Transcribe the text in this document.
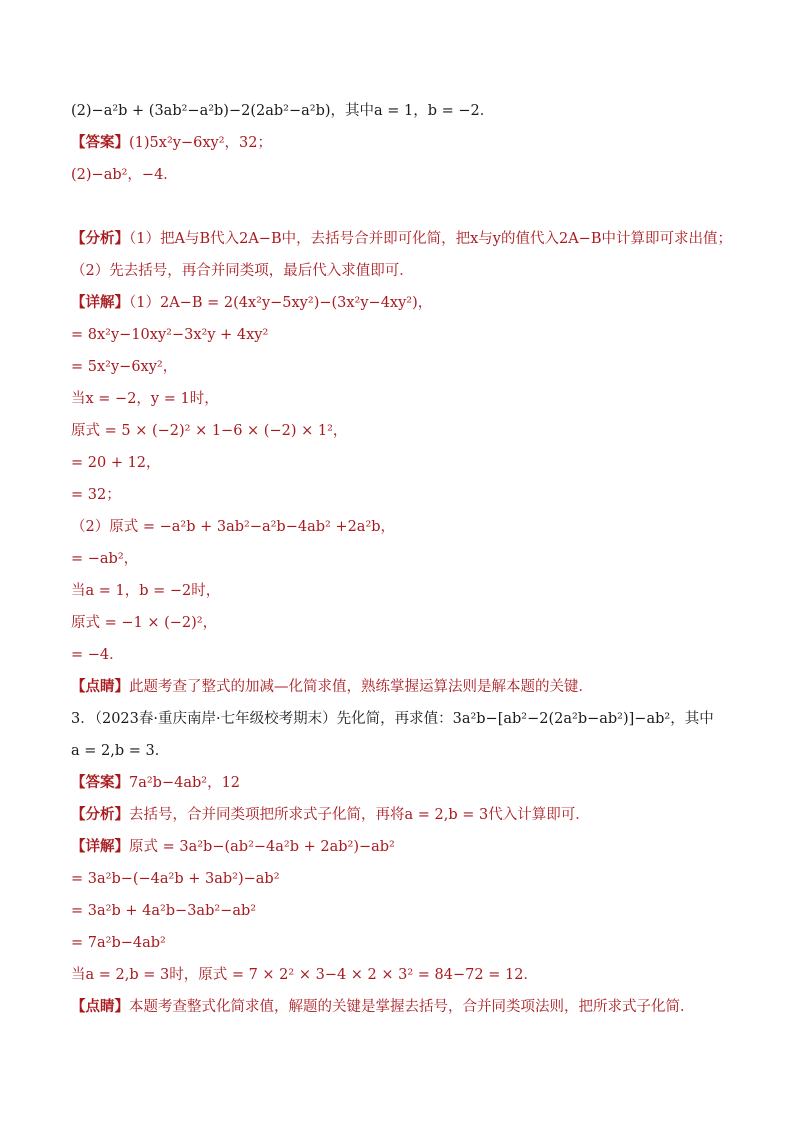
(2)−a²b + (3ab²−a²b)−2(2ab²−a²b)，其中a = 1，b = −2．
【答案】(1)5x²y−6xy²，32；
(2)−ab²，−4．
【分析】（1）把A与B代入2A−B中，去括号合并即可化简，把x与y的值代入2A−B中计算即可求出值；
（2）先去括号，再合并同类项，最后代入求值即可．
【详解】（1）2A−B = 2(4x²y−5xy²)−(3x²y−4xy²)，
= 8x²y−10xy²−3x²y + 4xy²
= 5x²y−6xy²，
当x = −2，y = 1时，
原式 = 5 × (−2)² × 1−6 × (−2) × 1²，
= 20 + 12，
= 32；
（2）原式 = −a²b + 3ab²−a²b−4ab² +2a²b，
= −ab²，
当a = 1，b = −2时，
原式 = −1 × (−2)²，
= −4．
【点睛】此题考查了整式的加减—化简求值，熟练掌握运算法则是解本题的关键．
3．（2023春·重庆南岸·七年级校考期末）先化简，再求值：3a²b−[ab²−2(2a²b−ab²)]−ab²，其中
a = 2,b = 3．
【答案】7a²b−4ab²，12
【分析】去括号，合并同类项把所求式子化简，再将a = 2,b = 3代入计算即可．
【详解】原式 = 3a²b−(ab²−4a²b + 2ab²)−ab²
= 3a²b−(−4a²b + 3ab²)−ab²
= 3a²b + 4a²b−3ab²−ab²
= 7a²b−4ab²
当a = 2,b = 3时，原式 = 7 × 2² × 3−4 × 2 × 3² = 84−72 = 12．
【点睛】本题考查整式化简求值，解题的关键是掌握去括号，合并同类项法则，把所求式子化简．
